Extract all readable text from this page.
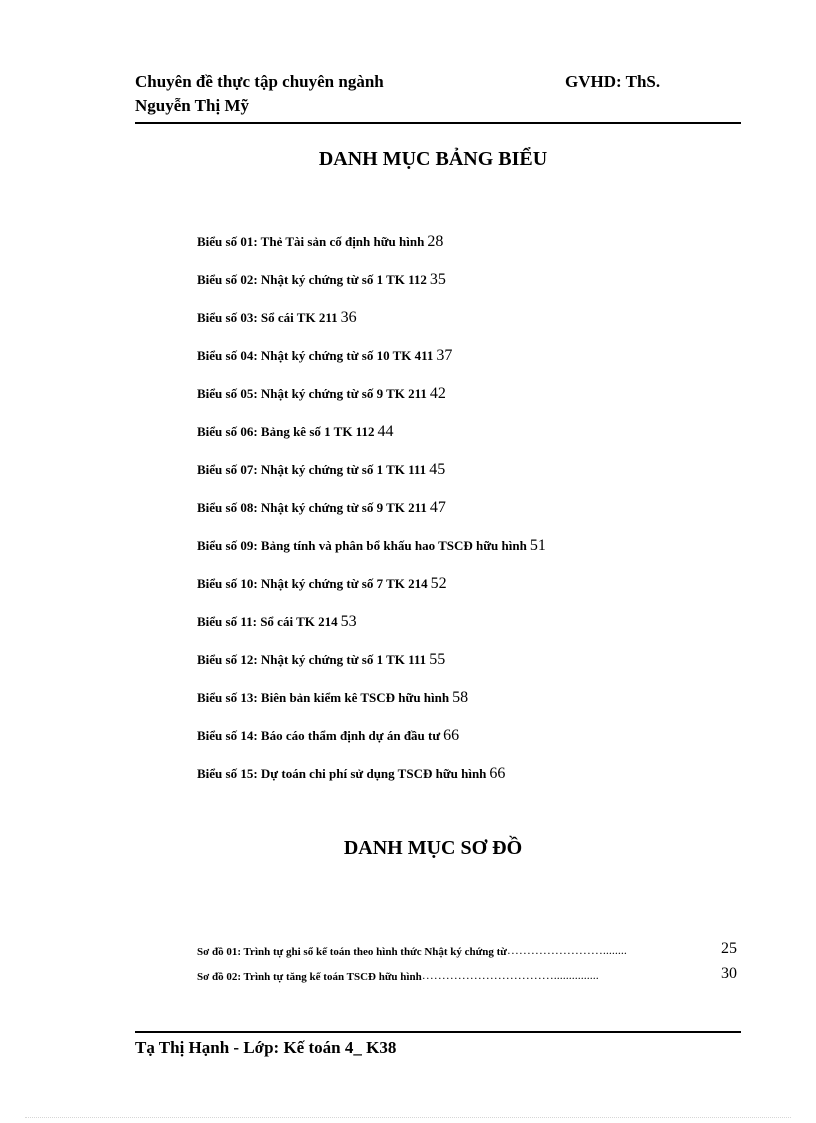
Chuyên đề thực tập chuyên ngành	GVHD: ThS.
Nguyễn Thị Mỹ
DANH MỤC BẢNG BIỂU
Biểu số 01: Thẻ Tài sản cố định hữu hình 28
Biểu số 02: Nhật ký chứng từ số 1 TK 112 35
Biểu số 03: Sổ cái TK 211 36
Biểu số 04: Nhật ký chứng từ số 10 TK 411 37
Biểu số 05: Nhật ký chứng từ số 9 TK 211 42
Biểu số 06: Bảng kê số 1 TK 112 44
Biểu số 07: Nhật ký chứng từ số 1 TK 111 45
Biểu số 08: Nhật ký chứng từ số 9 TK 211 47
Biểu số 09: Bảng tính và phân bổ khấu hao TSCĐ hữu hình 51
Biểu số 10: Nhật ký chứng từ số 7 TK 214 52
Biểu số 11: Sổ cái TK 214 53
Biểu số 12: Nhật ký chứng từ số 1 TK 111 55
Biểu số 13: Biên bản kiểm kê TSCĐ hữu hình 58
Biểu số 14: Báo cáo thẩm định dự án đầu tư 66
Biểu số 15: Dự toán chi phí sử dụng TSCĐ hữu hình 66
DANH MỤC SƠ ĐỒ
Sơ đồ 01: Trình tự ghi sổ kế toán theo hình thức Nhật ký chứng từ……………………........	25
Sơ đồ 02: Trình tự tăng kế toán TSCĐ hữu hình……………………………...............	30
Tạ Thị Hạnh - Lớp: Kế toán 4_ K38
